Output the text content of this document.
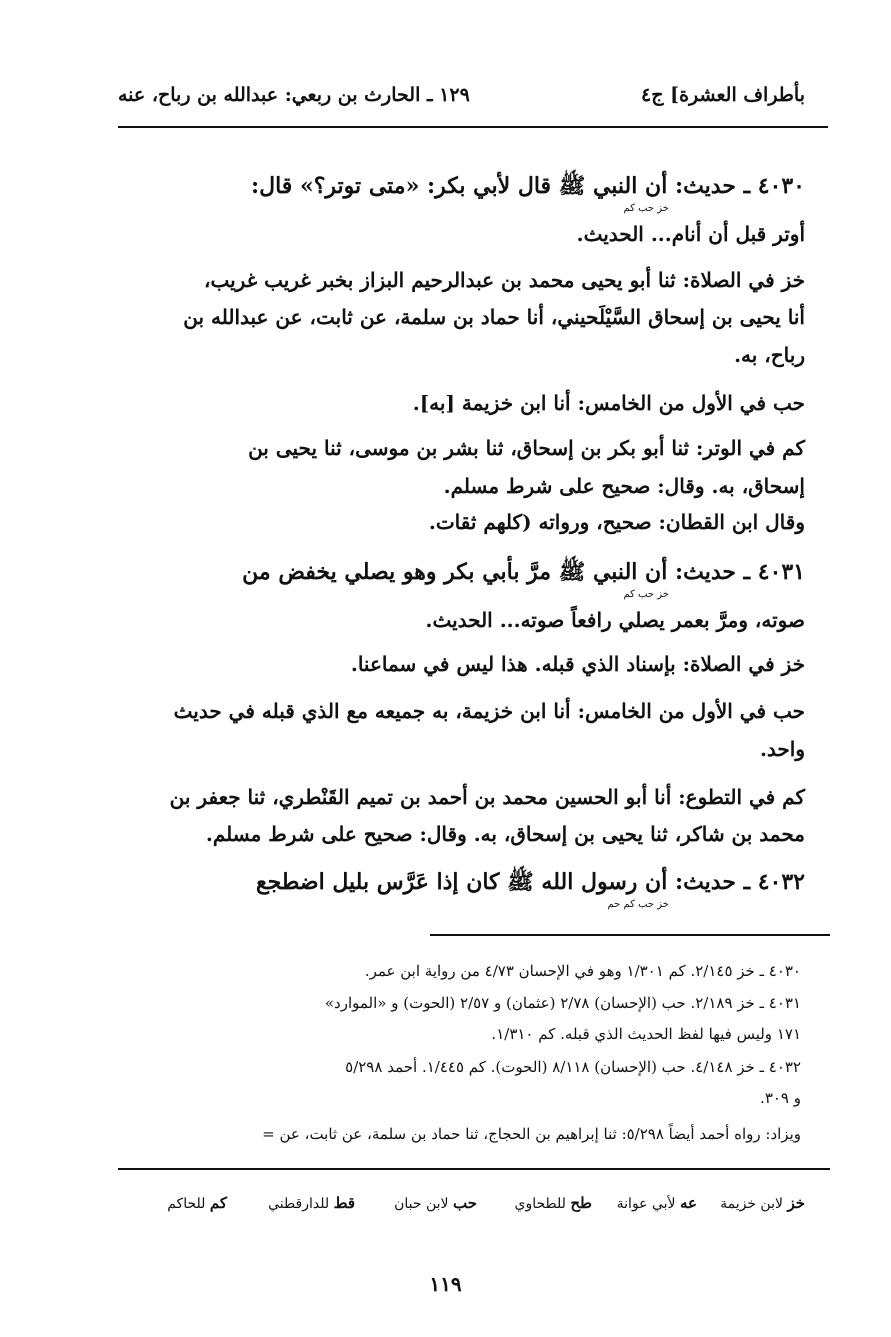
بأطراف العشرة] ج٤
١٢٩ ـ الحارث بن ربعي: عبدالله بن رباح، عنه
٤٠٣٠ ـ حديث: أن النبي ﷺ قال لأبي بكر: «متى توتر؟» قال:
خز حب كم
أوتر قبل أن أنام... الحديث.
خز في الصلاة: ثنا أبو يحيى محمد بن عبدالرحيم البزاز بخبر غريب غريب،
أنا يحيى بن إسحاق السَّيْلَحيني، أنا حماد بن سلمة، عن ثابت، عن عبدالله بن
رباح، به.
حب في الأول من الخامس: أنا ابن خزيمة [به].
كم في الوتر: ثنا أبو بكر بن إسحاق، ثنا بشر بن موسى، ثنا يحيى بن
إسحاق، به. وقال: صحيح على شرط مسلم.
وقال ابن القطان: صحيح، ورواته (كلهم ثقات.
٤٠٣١ ـ حديث: أن النبي ﷺ مرَّ بأبي بكر وهو يصلي يخفض من
خز حب كم
صوته، ومرَّ بعمر يصلي رافعاً صوته... الحديث.
خز في الصلاة: بإسناد الذي قبله. هذا ليس في سماعنا.
حب في الأول من الخامس: أنا ابن خزيمة، به جميعه مع الذي قبله في حديث
واحد.
كم في التطوع: أنا أبو الحسين محمد بن أحمد بن تميم القَنْطري، ثنا جعفر بن
محمد بن شاكر، ثنا يحيى بن إسحاق، به. وقال: صحيح على شرط مسلم.
٤٠٣٢ ـ حديث: أن رسول الله ﷺ كان إذا عَرَّس بليل اضطجع
خز حب كم حم
٤٠٣٠ ـ خز ٢/١٤٥. كم ١/٣٠١ وهو في الإحسان ٤/٧٣ من رواية ابن عمر.
٤٠٣١ ـ خز ٢/١٨٩. حب (الإحسان) ٢/٧٨ (عثمان) و ٢/٥٧ (الحوت) و «الموارد»
١٧١ وليس فيها لفظ الحديث الذي قبله. كم ١/٣١٠.
٤٠٣٢ ـ خز ٤/١٤٨. حب (الإحسان) ٨/١١٨ (الحوت). كم ١/٤٤٥. أحمد ٥/٢٩٨
و ٣٠٩.
ويزاد: رواه أحمد أيضاً ٥/٢٩٨: ثنا إبراهيم بن الحجاج، ثنا حماد بن سلمة، عن ثابت، عن =
خز لابن خزيمة
عه لأبي عوانة
طح للطحاوي
حب لابن حبان
قط للدارقطني
كم للحاكم
١١٩
